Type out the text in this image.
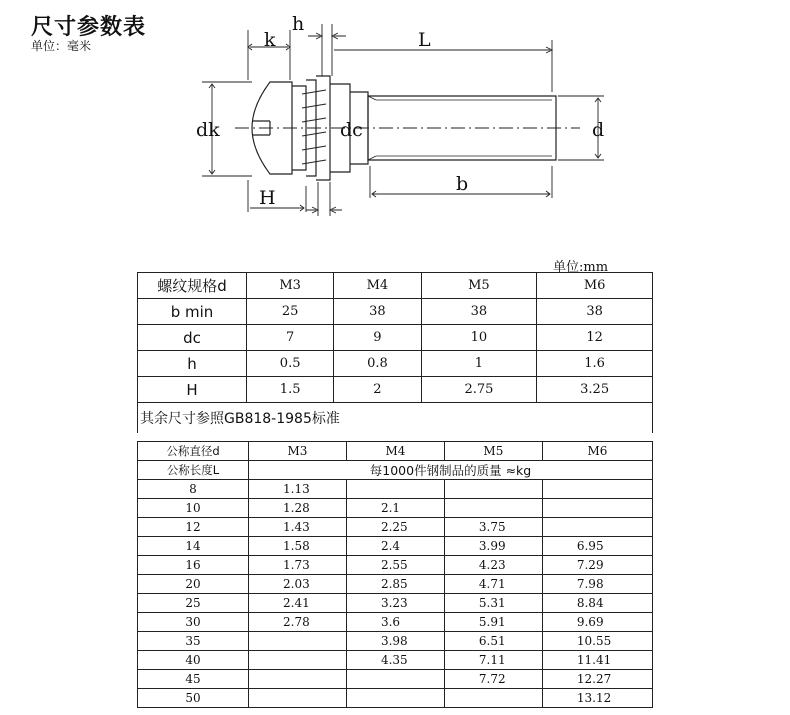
尺寸参数表
单位：毫米	k
h
L
dk	dc	d
b
H
单位:mm
螺纹规格d	M3	M4	M5	M6
b min	25	38	38	38
dc	7	9	10	12
h	0.5	0.8	1	1.6
H	1.5	2	2.75	3.25
其余尺寸参照GB818-1985标准				
公称直径d	M3	M4	M5	M6
公称长度L	每1000件钢制品的质量 ≈kg			
8	1.13			
10	1.28	2.1		
12	1.43	2.25	3.75	
14	1.58	2.4	3.99	6.95
16	1.73	2.55	4.23	7.29
20	2.03	2.85	4.71	7.98
25	2.41	3.23	5.31	8.84
30	2.78	3.6	5.91	9.69
35		3.98	6.51	10.55
40		4.35	7.11	11.41
45			7.72	12.27
50				13.12
